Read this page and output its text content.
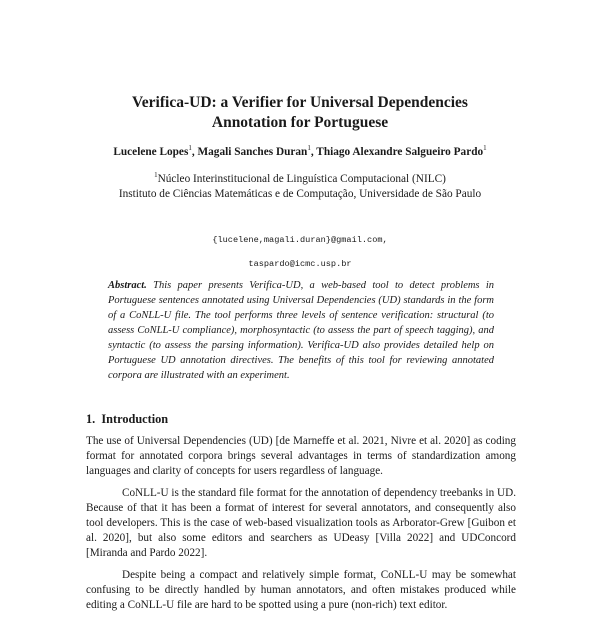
Verifica-UD: a Verifier for Universal Dependencies
Annotation for Portuguese
Lucelene Lopes$^1$, Magali Sanches Duran$^1$, Thiago Alexandre Salgueiro Pardo$^1$
$^1$Núcleo Interinstitucional de Linguística Computacional (NILC)
Instituto de Ciências Matemáticas e de Computação, Universidade de São Paulo
{lucelene,magali.duran}@gmail.com,
taspardo@icmc.usp.br
Abstract. This paper presents Verifica-UD, a web-based tool to detect problems in Portuguese sentences annotated using Universal Dependencies (UD) standards in the form of a CoNLL-U file. The tool performs three levels of sentence verification: structural (to assess CoNLL-U compliance), morphosyntactic (to assess the part of speech tagging), and syntactic (to assess the parsing information). Verifica-UD also provides detailed help on Portuguese UD annotation directives. The benefits of this tool for reviewing annotated corpora are illustrated with an experiment.
1. Introduction

The use of Universal Dependencies (UD) [de Marneffe et al. 2021, Nivre et al. 2020] as coding format for annotated corpora brings several advantages in terms of standardization among languages and clarity of concepts for users regardless of language.

CoNLL-U is the standard file format for the annotation of dependency treebanks in UD. Because of that it has been a format of interest for several annotators, and consequently also tool developers. This is the case of web-based visualization tools as Arborator-Grew [Guibon et al. 2020], but also some editors and searchers as UDeasy [Villa 2022] and UDConcord [Miranda and Pardo 2022].

Despite being a compact and relatively simple format, CoNLL-U may be somewhat confusing to be directly handled by human annotators, and often mistakes produced while editing a CoNLL-U file are hard to be spotted using a pure (non-rich) text editor.
